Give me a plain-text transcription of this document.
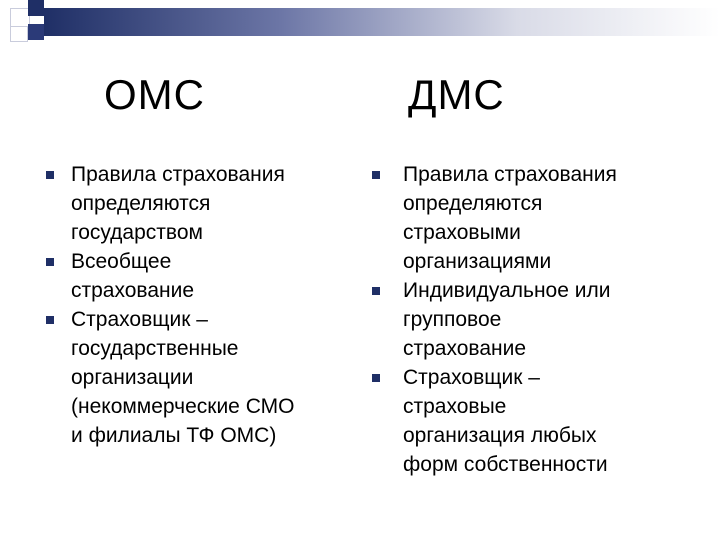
ОМС	ДМС
Правила страхования
определяются
государством
Всеобщее
страхование
Страховщик –
государственные
организации
(некоммерческие СМО
и филиалы ТФ ОМС)
Правила страхования
определяются
страховыми
организациями
Индивидуальное или
групповое
страхование
Страховщик –
страховые
организация любых
форм собственности
